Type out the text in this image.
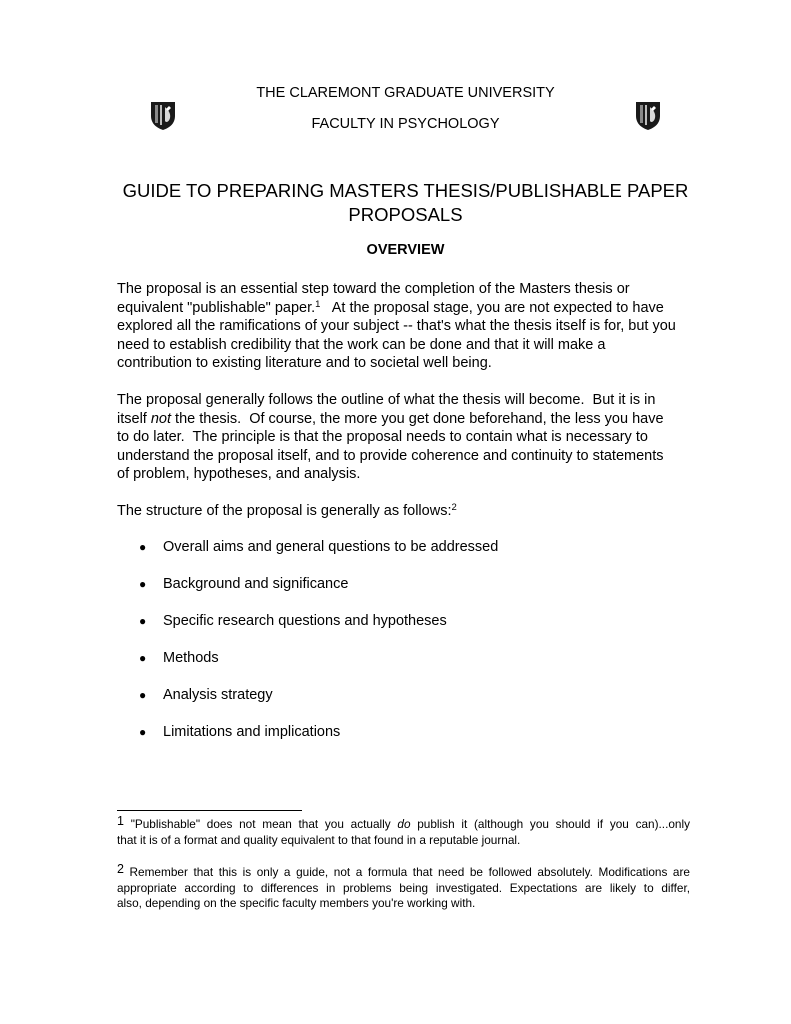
THE CLAREMONT GRADUATE UNIVERSITY
FACULTY IN PSYCHOLOGY
GUIDE TO PREPARING MASTERS THESIS/PUBLISHABLE PAPER
PROPOSALS
OVERVIEW

The proposal is an essential step toward the completion of the Masters thesis or
equivalent "publishable" paper.$^1$   At the proposal stage, you are not expected to have
explored all the ramifications of your subject -- that's what the thesis itself is for, but you
need to establish credibility that the work can be done and that it will make a
contribution to existing literature and to societal well being.

The proposal generally follows the outline of what the thesis will become.  But it is in
itself not the thesis.  Of course, the more you get done beforehand, the less you have
to do later.  The principle is that the proposal needs to contain what is necessary to
understand the proposal itself, and to provide coherence and continuity to statements
of problem, hypotheses, and analysis.

The structure of the proposal is generally as follows:$^2$

● Overall aims and general questions to be addressed
● Background and significance
● Specific research questions and hypotheses
● Methods
● Analysis strategy
● Limitations and implications

1 "Publishable" does not mean that you actually do publish it (although you should if you can)...only
that it is of a format and quality equivalent to that found in a reputable journal.

2 Remember that this is only a guide, not a formula that need be followed absolutely. Modifications are
appropriate according to differences in problems being investigated. Expectations are likely to differ,
also, depending on the specific faculty members you're working with.
